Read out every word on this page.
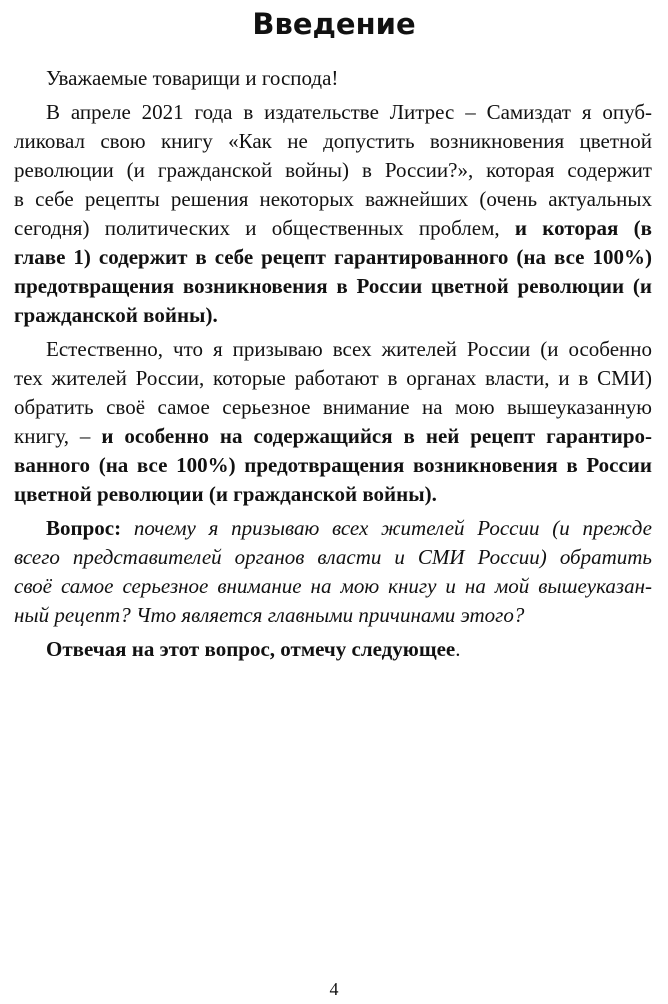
Введение
Уважаемые товарищи и господа!
В апреле 2021 года в издательстве Литрес – Самиздат я опуб-
ликовал свою книгу «Как не допустить возникновения цветной
революции (и гражданской войны) в России?», которая содержит
в себе рецепты решения некоторых важнейших (очень актуальных
сегодня) политических и общественных проблем, и которая (в
главе 1) содержит в себе рецепт гарантированного (на все 100%)
предотвращения возникновения в России цветной революции (и
гражданской войны).
Естественно, что я призываю всех жителей России (и особенно
тех жителей России, которые работают в органах власти, и в СМИ)
обратить своё самое серьезное внимание на мою вышеуказанную
книгу, – и особенно на содержащийся в ней рецепт гарантиро-
ванного (на все 100%) предотвращения возникновения в России
цветной революции (и гражданской войны).
Вопрос: почему я призываю всех жителей России (и прежде
всего представителей органов власти и СМИ России) обратить
своё самое серьезное внимание на мою книгу и на мой вышеуказан-
ный рецепт? Что является главными причинами этого?
Отвечая на этот вопрос, отмечу следующее.
4
